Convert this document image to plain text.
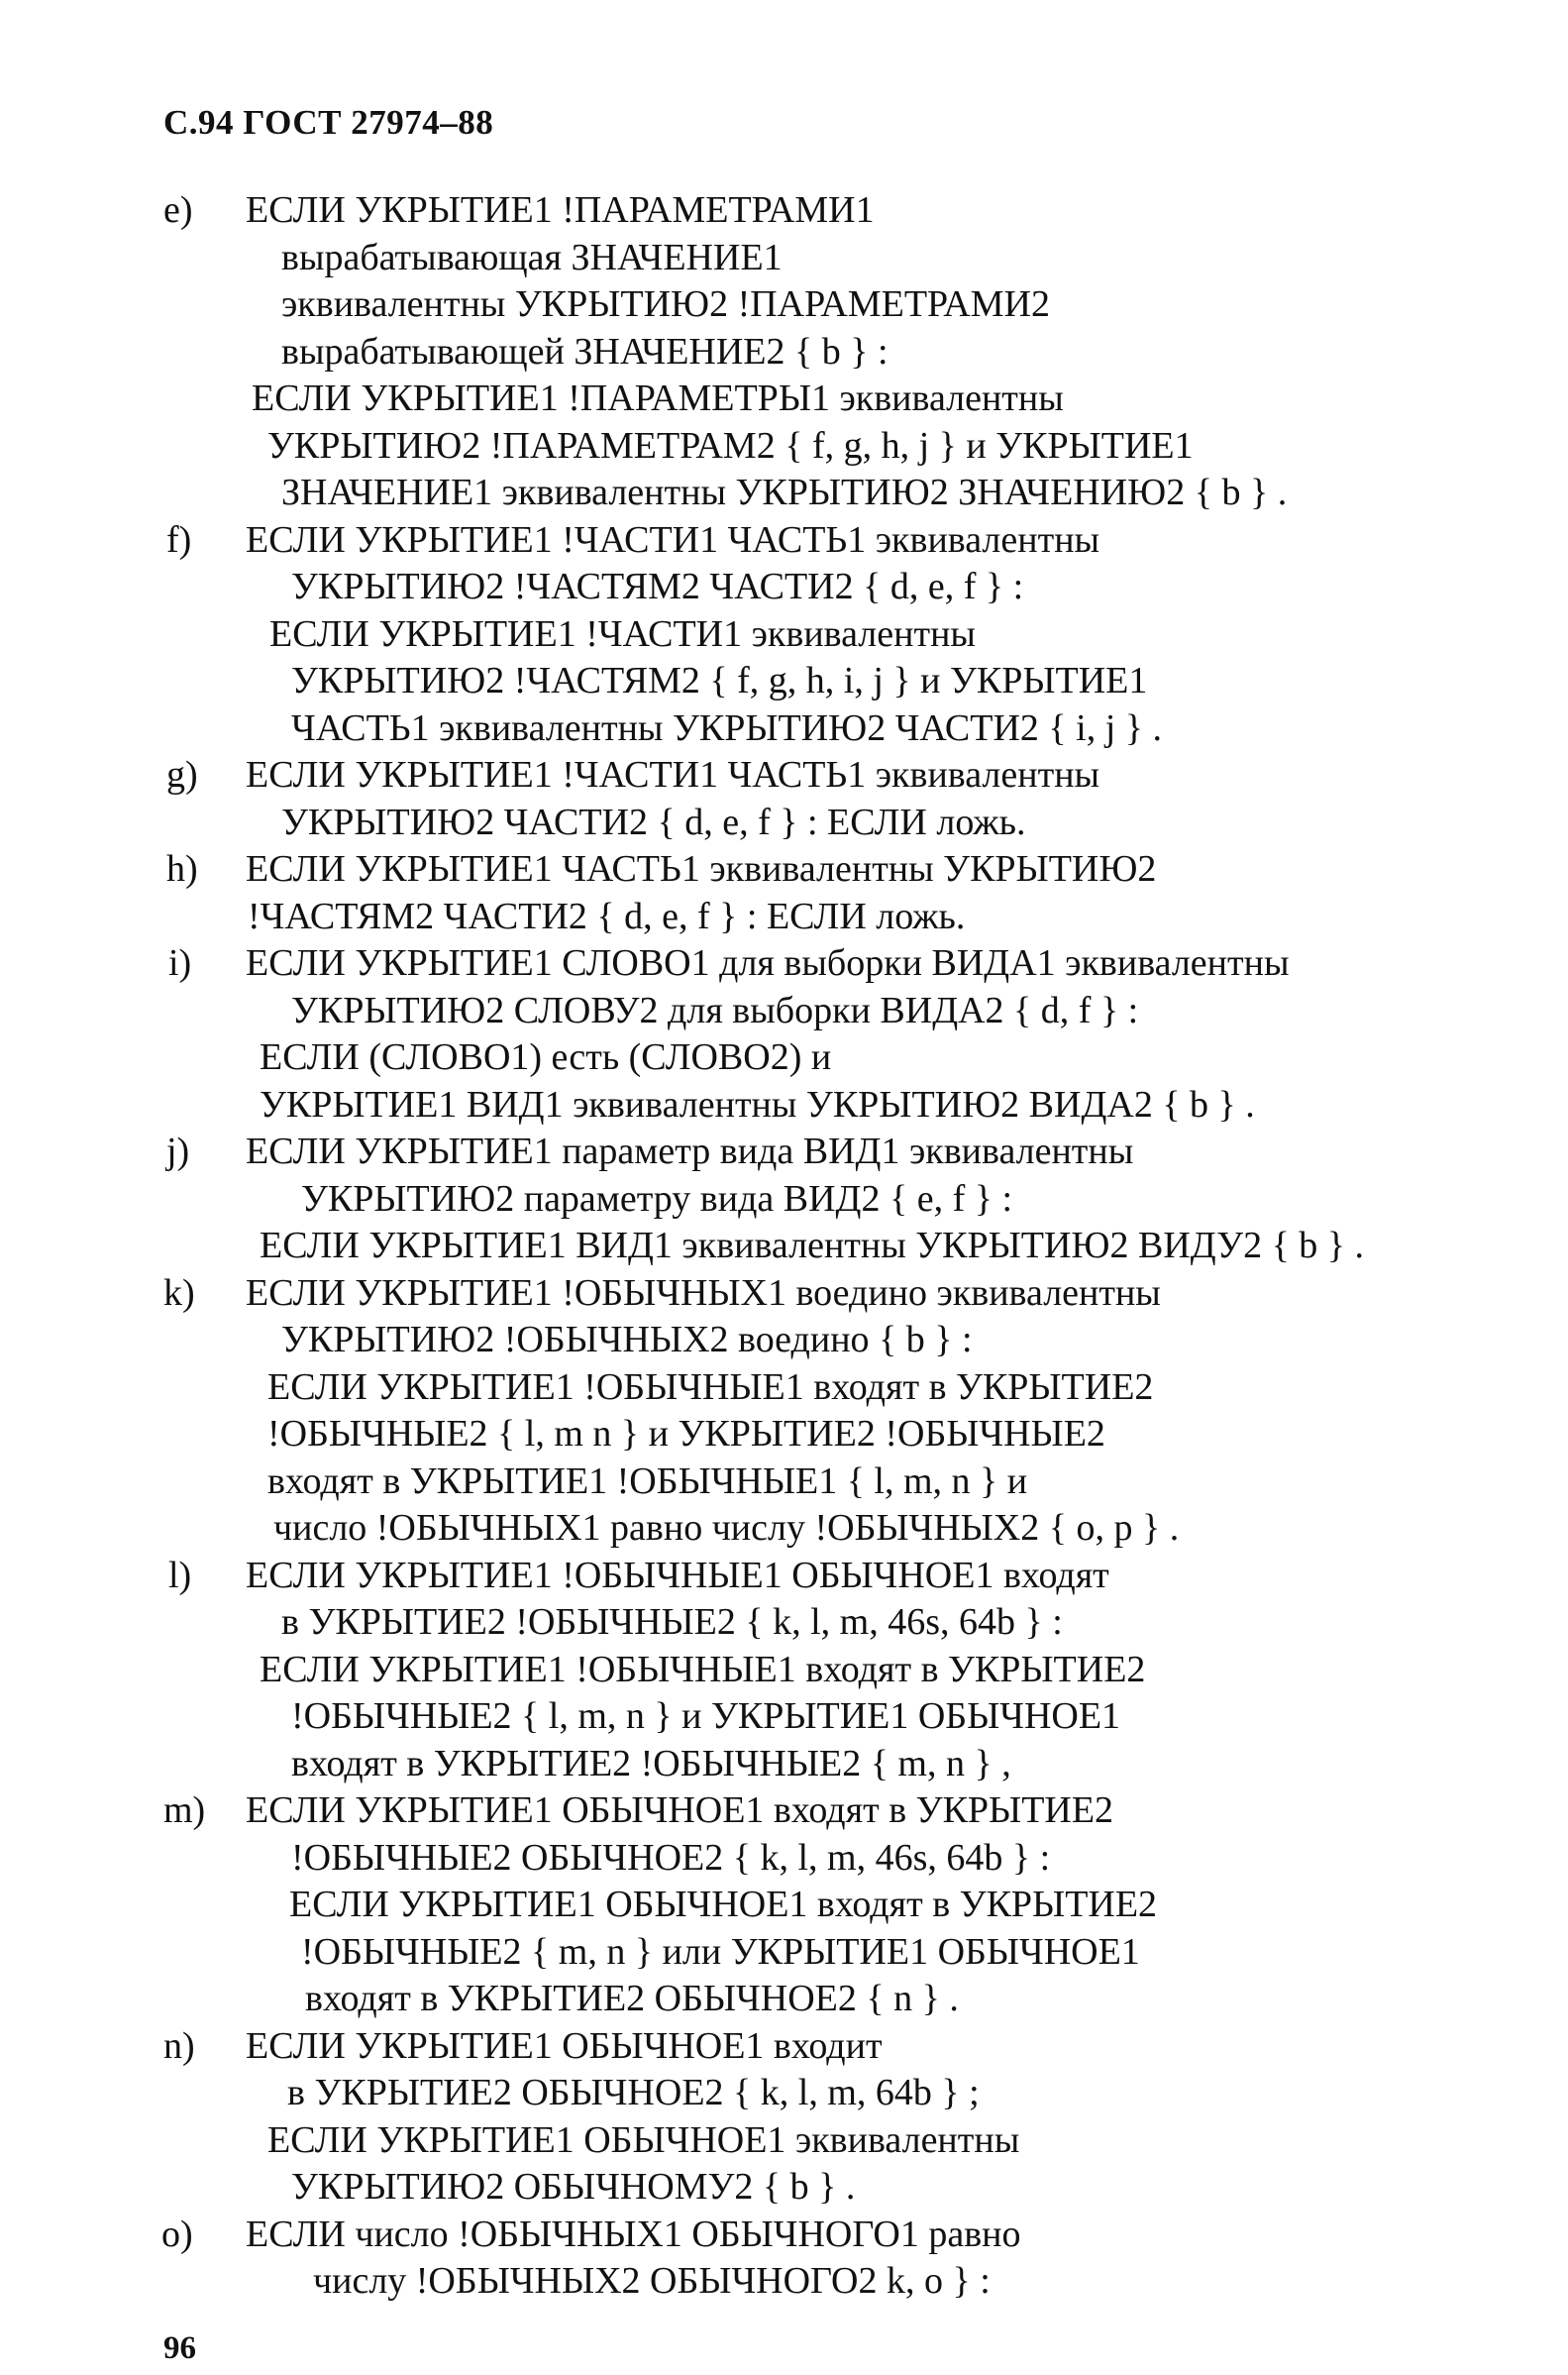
С.94 ГОСТ 27974–88
e) ЕСЛИ УКРЫТИЕ1 !ПАРАМЕТРАМИ1
вырабатывающая ЗНАЧЕНИЕ1
эквивалентны УКРЫТИЮ2 !ПАРАМЕТРАМИ2
вырабатывающей ЗНАЧЕНИЕ2 { b } :
ЕСЛИ УКРЫТИЕ1 !ПАРАМЕТРЫ1 эквивалентны
УКРЫТИЮ2 !ПАРАМЕТРАМ2 { f, g, h, j } и УКРЫТИЕ1
ЗНАЧЕНИЕ1 эквивалентны УКРЫТИЮ2 ЗНАЧЕНИЮ2 { b } .
f) ЕСЛИ УКРЫТИЕ1 !ЧАСТИ1 ЧАСТЬ1 эквивалентны
УКРЫТИЮ2 !ЧАСТЯМ2 ЧАСТИ2 { d, e, f } :
ЕСЛИ УКРЫТИЕ1 !ЧАСТИ1 эквивалентны
УКРЫТИЮ2 !ЧАСТЯМ2 { f, g, h, i, j } и УКРЫТИЕ1
ЧАСТЬ1 эквивалентны УКРЫТИЮ2 ЧАСТИ2 { i, j } .
g) ЕСЛИ УКРЫТИЕ1 !ЧАСТИ1 ЧАСТЬ1 эквивалентны
УКРЫТИЮ2 ЧАСТИ2 { d, e, f } : ЕСЛИ ложь.
h) ЕСЛИ УКРЫТИЕ1 ЧАСТЬ1 эквивалентны УКРЫТИЮ2
!ЧАСТЯМ2 ЧАСТИ2 { d, e, f } : ЕСЛИ ложь.
i) ЕСЛИ УКРЫТИЕ1 СЛОВО1 для выборки ВИДА1 эквивалентны
УКРЫТИЮ2 СЛОВУ2 для выборки ВИДА2 { d, f } :
ЕСЛИ (СЛОВО1) есть (СЛОВО2) и
УКРЫТИЕ1 ВИД1 эквивалентны УКРЫТИЮ2 ВИДА2 { b } .
j) ЕСЛИ УКРЫТИЕ1 параметр вида ВИД1 эквивалентны
УКРЫТИЮ2 параметру вида ВИД2 { e, f } :
ЕСЛИ УКРЫТИЕ1 ВИД1 эквивалентны УКРЫТИЮ2 ВИДУ2 { b } .
k) ЕСЛИ УКРЫТИЕ1 !ОБЫЧНЫХ1 воедино эквивалентны
УКРЫТИЮ2 !ОБЫЧНЫХ2 воедино { b } :
ЕСЛИ УКРЫТИЕ1 !ОБЫЧНЫЕ1 входят в УКРЫТИЕ2
!ОБЫЧНЫЕ2 { l, m n } и УКРЫТИЕ2 !ОБЫЧНЫЕ2
входят в УКРЫТИЕ1 !ОБЫЧНЫЕ1 { l, m, n } и
число !ОБЫЧНЫХ1 равно числу !ОБЫЧНЫХ2 { o, p } .
l) ЕСЛИ УКРЫТИЕ1 !ОБЫЧНЫЕ1 ОБЫЧНОЕ1 входят
в УКРЫТИЕ2 !ОБЫЧНЫЕ2 { k, l, m, 46s, 64b } :
ЕСЛИ УКРЫТИЕ1 !ОБЫЧНЫЕ1 входят в УКРЫТИЕ2
!ОБЫЧНЫЕ2 { l, m, n } и УКРЫТИЕ1 ОБЫЧНОЕ1
входят в УКРЫТИЕ2 !ОБЫЧНЫЕ2 { m, n } ,
m) ЕСЛИ УКРЫТИЕ1 ОБЫЧНОЕ1 входят в УКРЫТИЕ2
!ОБЫЧНЫЕ2 ОБЫЧНОЕ2 { k, l, m, 46s, 64b } :
ЕСЛИ УКРЫТИЕ1 ОБЫЧНОЕ1 входят в УКРЫТИЕ2
!ОБЫЧНЫЕ2 { m, n } или УКРЫТИЕ1 ОБЫЧНОЕ1
входят в УКРЫТИЕ2 ОБЫЧНОЕ2 { n } .
n) ЕСЛИ УКРЫТИЕ1 ОБЫЧНОЕ1 входит
в УКРЫТИЕ2 ОБЫЧНОЕ2 { k, l, m, 64b } ;
ЕСЛИ УКРЫТИЕ1 ОБЫЧНОЕ1 эквивалентны
УКРЫТИЮ2 ОБЫЧНОМУ2 { b } .
o) ЕСЛИ число !ОБЫЧНЫХ1 ОБЫЧНОГО1 равно
числу !ОБЫЧНЫХ2 ОБЫЧНОГО2 k, o } :
96
